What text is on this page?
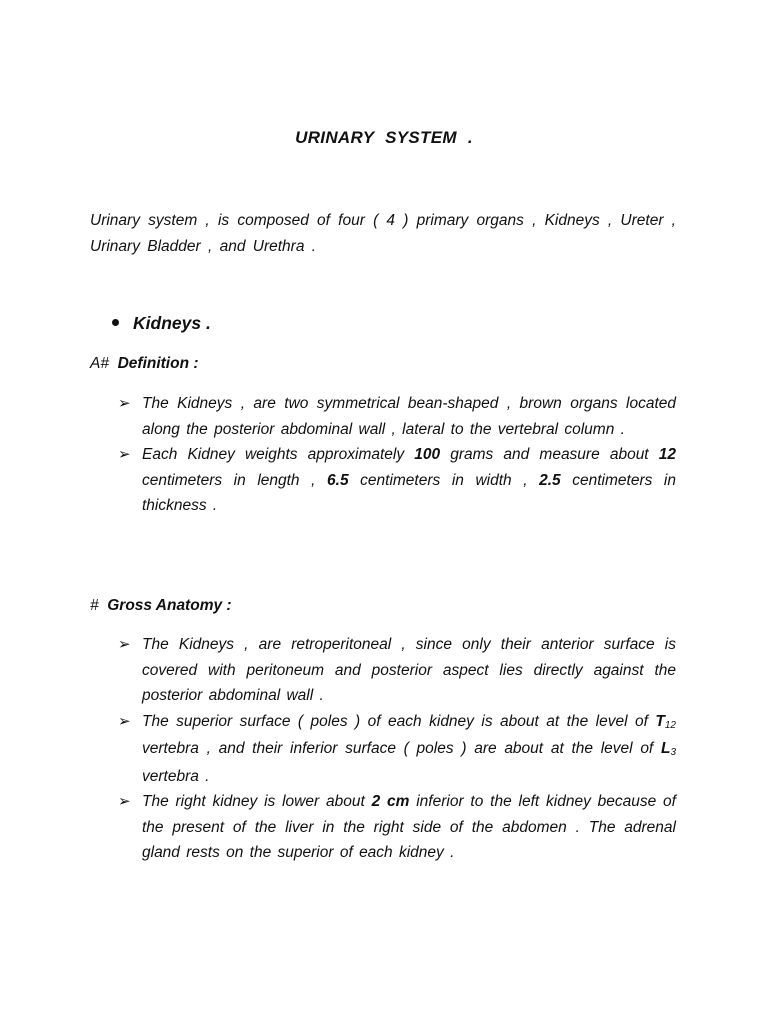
URINARY SYSTEM .
Urinary system , is composed of four ( 4 ) primary organs , Kidneys , Ureter , Urinary Bladder , and Urethra .
Kidneys .
A# Definition :
➢ The Kidneys , are two symmetrical bean-shaped , brown organs located along the posterior abdominal wall , lateral to the vertebral column .
➢ Each Kidney weights approximately 100 grams and measure about 12 centimeters in length , 6.5 centimeters in width , 2.5 centimeters in thickness .
# Gross Anatomy :
➢ The Kidneys , are retroperitoneal , since only their anterior surface is covered with peritoneum and posterior aspect lies directly against the posterior abdominal wall .
➢ The superior surface ( poles ) of each kidney is about at the level of $T_{12}$ vertebra , and their inferior surface ( poles ) are about at the level of $L_3$ vertebra .
➢ The right kidney is lower about 2 cm inferior to the left kidney because of the present of the liver in the right side of the abdomen . The adrenal gland rests on the superior of each kidney .
